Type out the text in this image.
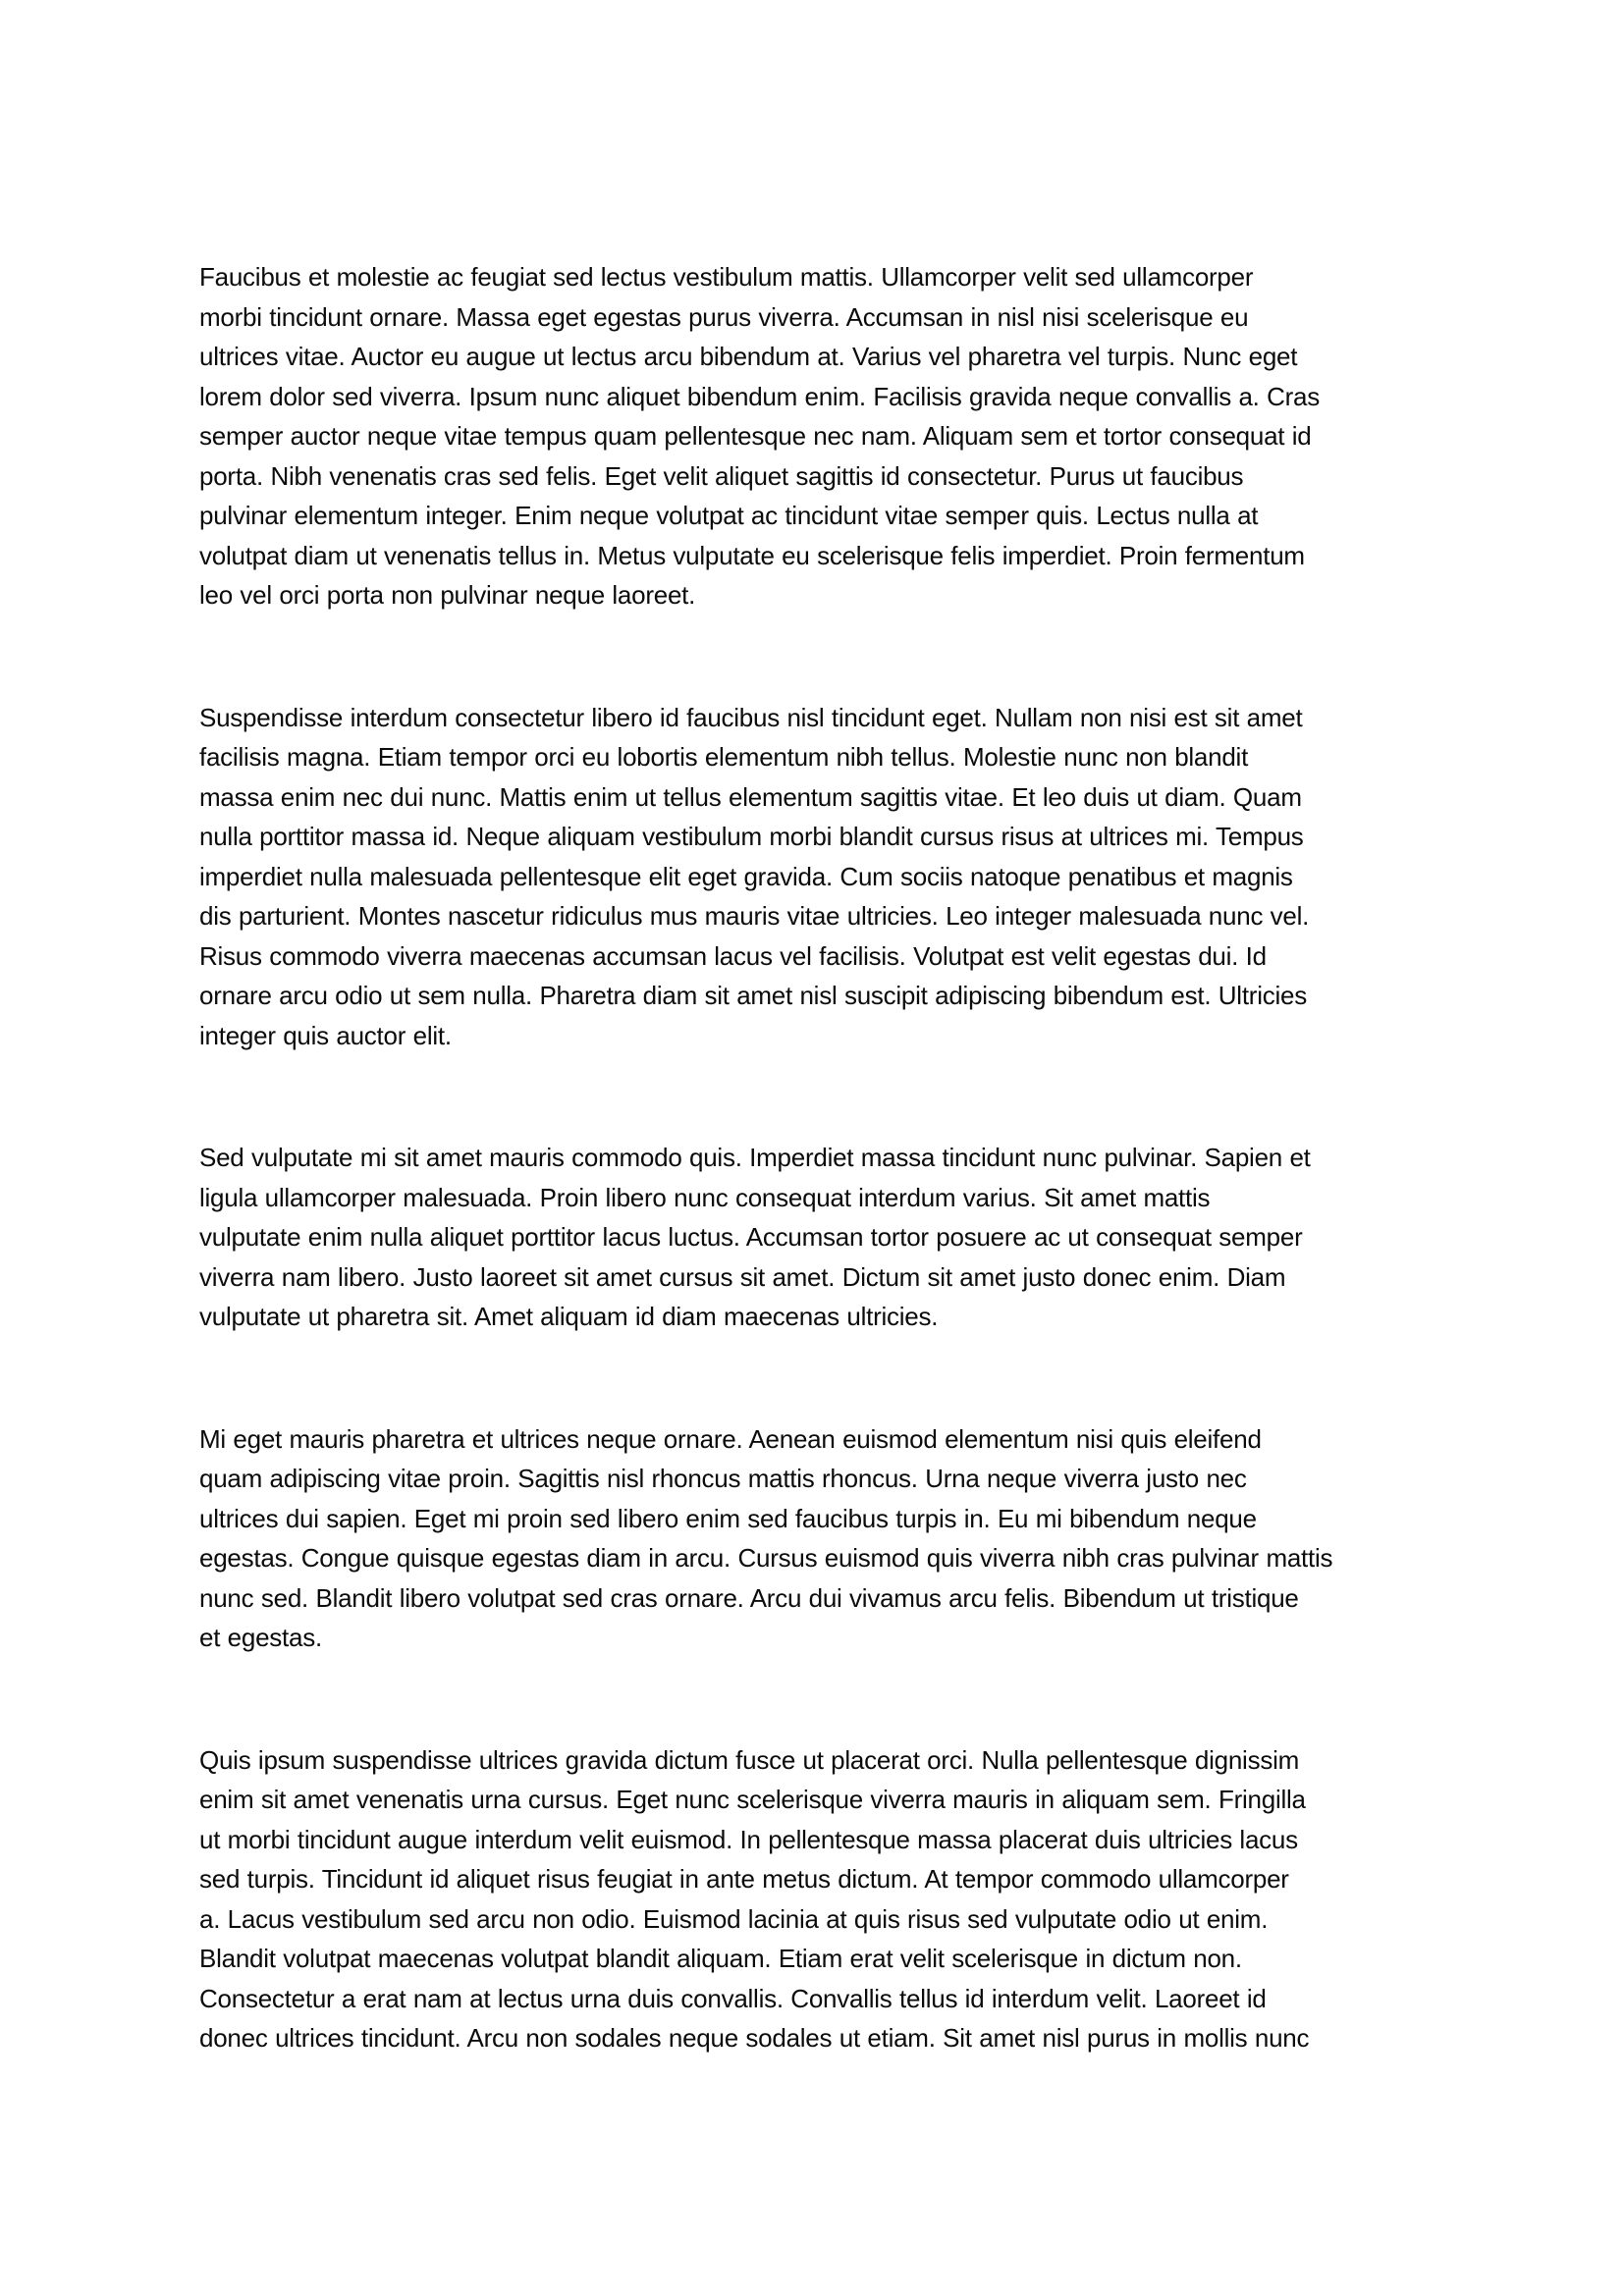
Faucibus et molestie ac feugiat sed lectus vestibulum mattis. Ullamcorper velit sed ullamcorper
morbi tincidunt ornare. Massa eget egestas purus viverra. Accumsan in nisl nisi scelerisque eu
ultrices vitae. Auctor eu augue ut lectus arcu bibendum at. Varius vel pharetra vel turpis. Nunc eget
lorem dolor sed viverra. Ipsum nunc aliquet bibendum enim. Facilisis gravida neque convallis a. Cras
semper auctor neque vitae tempus quam pellentesque nec nam. Aliquam sem et tortor consequat id
porta. Nibh venenatis cras sed felis. Eget velit aliquet sagittis id consectetur. Purus ut faucibus
pulvinar elementum integer. Enim neque volutpat ac tincidunt vitae semper quis. Lectus nulla at
volutpat diam ut venenatis tellus in. Metus vulputate eu scelerisque felis imperdiet. Proin fermentum
leo vel orci porta non pulvinar neque laoreet.

Suspendisse interdum consectetur libero id faucibus nisl tincidunt eget. Nullam non nisi est sit amet
facilisis magna. Etiam tempor orci eu lobortis elementum nibh tellus. Molestie nunc non blandit
massa enim nec dui nunc. Mattis enim ut tellus elementum sagittis vitae. Et leo duis ut diam. Quam
nulla porttitor massa id. Neque aliquam vestibulum morbi blandit cursus risus at ultrices mi. Tempus
imperdiet nulla malesuada pellentesque elit eget gravida. Cum sociis natoque penatibus et magnis
dis parturient. Montes nascetur ridiculus mus mauris vitae ultricies. Leo integer malesuada nunc vel.
Risus commodo viverra maecenas accumsan lacus vel facilisis. Volutpat est velit egestas dui. Id
ornare arcu odio ut sem nulla. Pharetra diam sit amet nisl suscipit adipiscing bibendum est. Ultricies
integer quis auctor elit.

Sed vulputate mi sit amet mauris commodo quis. Imperdiet massa tincidunt nunc pulvinar. Sapien et
ligula ullamcorper malesuada. Proin libero nunc consequat interdum varius. Sit amet mattis
vulputate enim nulla aliquet porttitor lacus luctus. Accumsan tortor posuere ac ut consequat semper
viverra nam libero. Justo laoreet sit amet cursus sit amet. Dictum sit amet justo donec enim. Diam
vulputate ut pharetra sit. Amet aliquam id diam maecenas ultricies.

Mi eget mauris pharetra et ultrices neque ornare. Aenean euismod elementum nisi quis eleifend
quam adipiscing vitae proin. Sagittis nisl rhoncus mattis rhoncus. Urna neque viverra justo nec
ultrices dui sapien. Eget mi proin sed libero enim sed faucibus turpis in. Eu mi bibendum neque
egestas. Congue quisque egestas diam in arcu. Cursus euismod quis viverra nibh cras pulvinar mattis
nunc sed. Blandit libero volutpat sed cras ornare. Arcu dui vivamus arcu felis. Bibendum ut tristique
et egestas.

Quis ipsum suspendisse ultrices gravida dictum fusce ut placerat orci. Nulla pellentesque dignissim
enim sit amet venenatis urna cursus. Eget nunc scelerisque viverra mauris in aliquam sem. Fringilla
ut morbi tincidunt augue interdum velit euismod. In pellentesque massa placerat duis ultricies lacus
sed turpis. Tincidunt id aliquet risus feugiat in ante metus dictum. At tempor commodo ullamcorper
a. Lacus vestibulum sed arcu non odio. Euismod lacinia at quis risus sed vulputate odio ut enim.
Blandit volutpat maecenas volutpat blandit aliquam. Etiam erat velit scelerisque in dictum non.
Consectetur a erat nam at lectus urna duis convallis. Convallis tellus id interdum velit. Laoreet id
donec ultrices tincidunt. Arcu non sodales neque sodales ut etiam. Sit amet nisl purus in mollis nunc
